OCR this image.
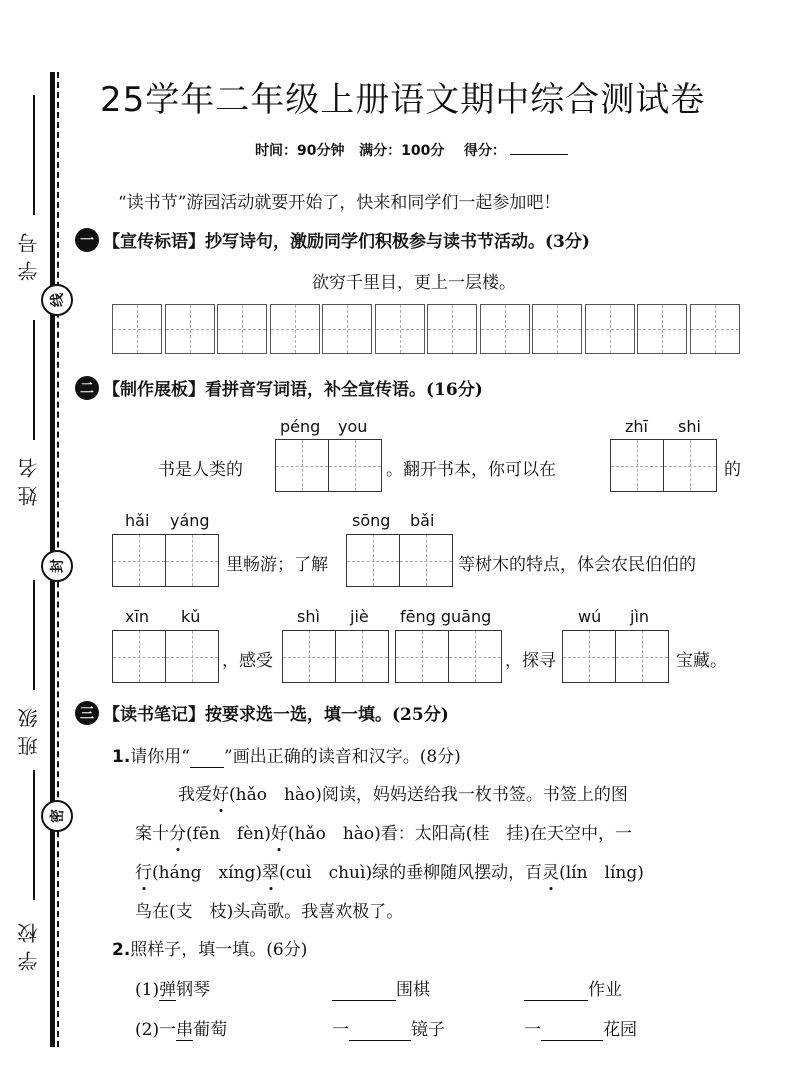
学号
姓名
班级
学校
线
封
密
25学年二年级上册语文期中综合测试卷
时间：90分钟 满分：100分 得分：
“读书节”游园活动就要开始了，快来和同学们一起参加吧！
一 【宣传标语】抄写诗句，激励同学们积极参与读书节活动。(3分)
欲穷千里目，更上一层楼。
二 【制作展板】看拼音写词语，补全宣传语。(16分)
péng you	zhī shi
书是人类的	。翻开书本，你可以在	的
hǎi yáng	sōng bǎi
里畅游；了解	等树木的特点，体会农民伯伯的
xīn kǔ	shì jiè fēng guāng	wú jìn
，感受	，探寻	宝藏。
三 【读书笔记】按要求选一选，填一填。(25分)
1.请你用“ ”画出正确的读音和汉字。(8分)
我爱好(hǎo　hào)阅读，妈妈送给我一枚书签。书签上的图
案十分(fēn　fèn)好(hǎo　hào)看：太阳高(桂　挂)在天空中，一
行(háng　xíng)翠(cuì　chuì)绿的垂柳随风摆动，百灵(lín　líng)
鸟在(支　枝)头高歌。我喜欢极了。
2.照样子，填一填。(6分)
(1)弹钢琴	围棋	作业
(2)一串葡萄	一	镜子	一	花园
